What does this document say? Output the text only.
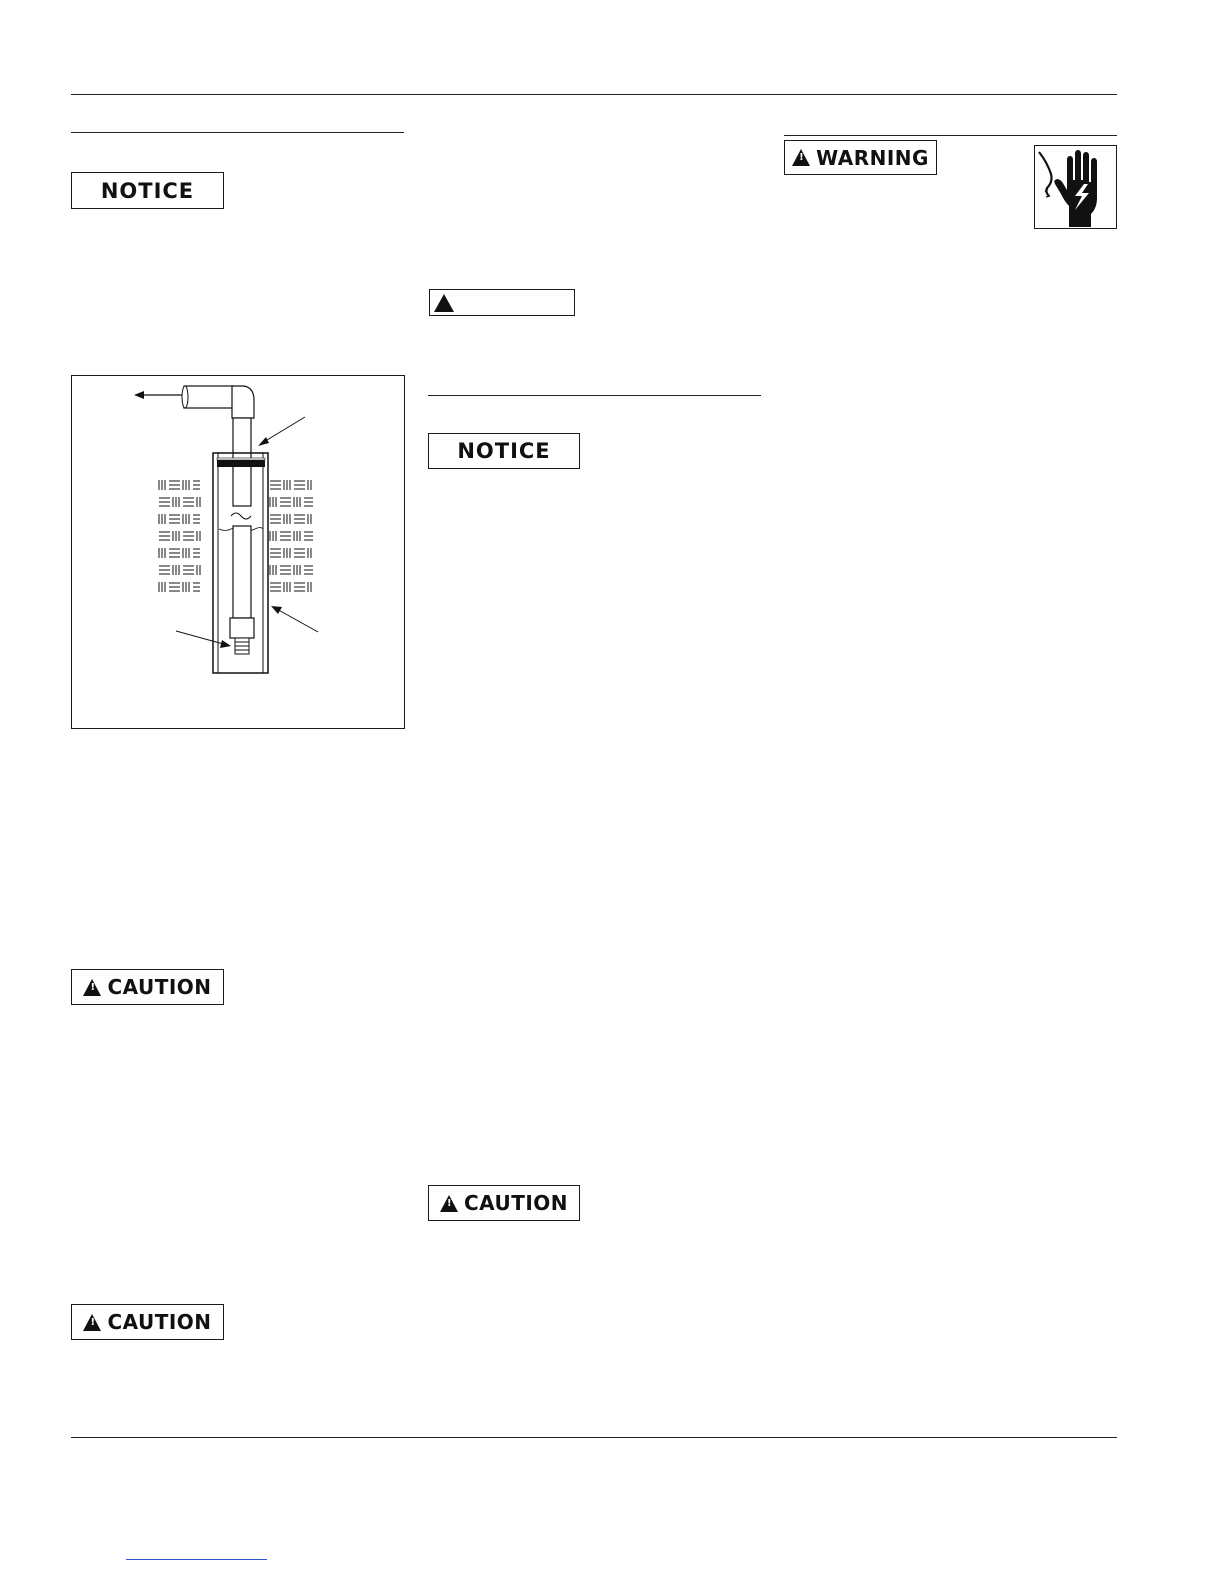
NOTICE
!
CAUTION
!
CAUTION
NOTICE
!
CAUTION
!
WARNING
